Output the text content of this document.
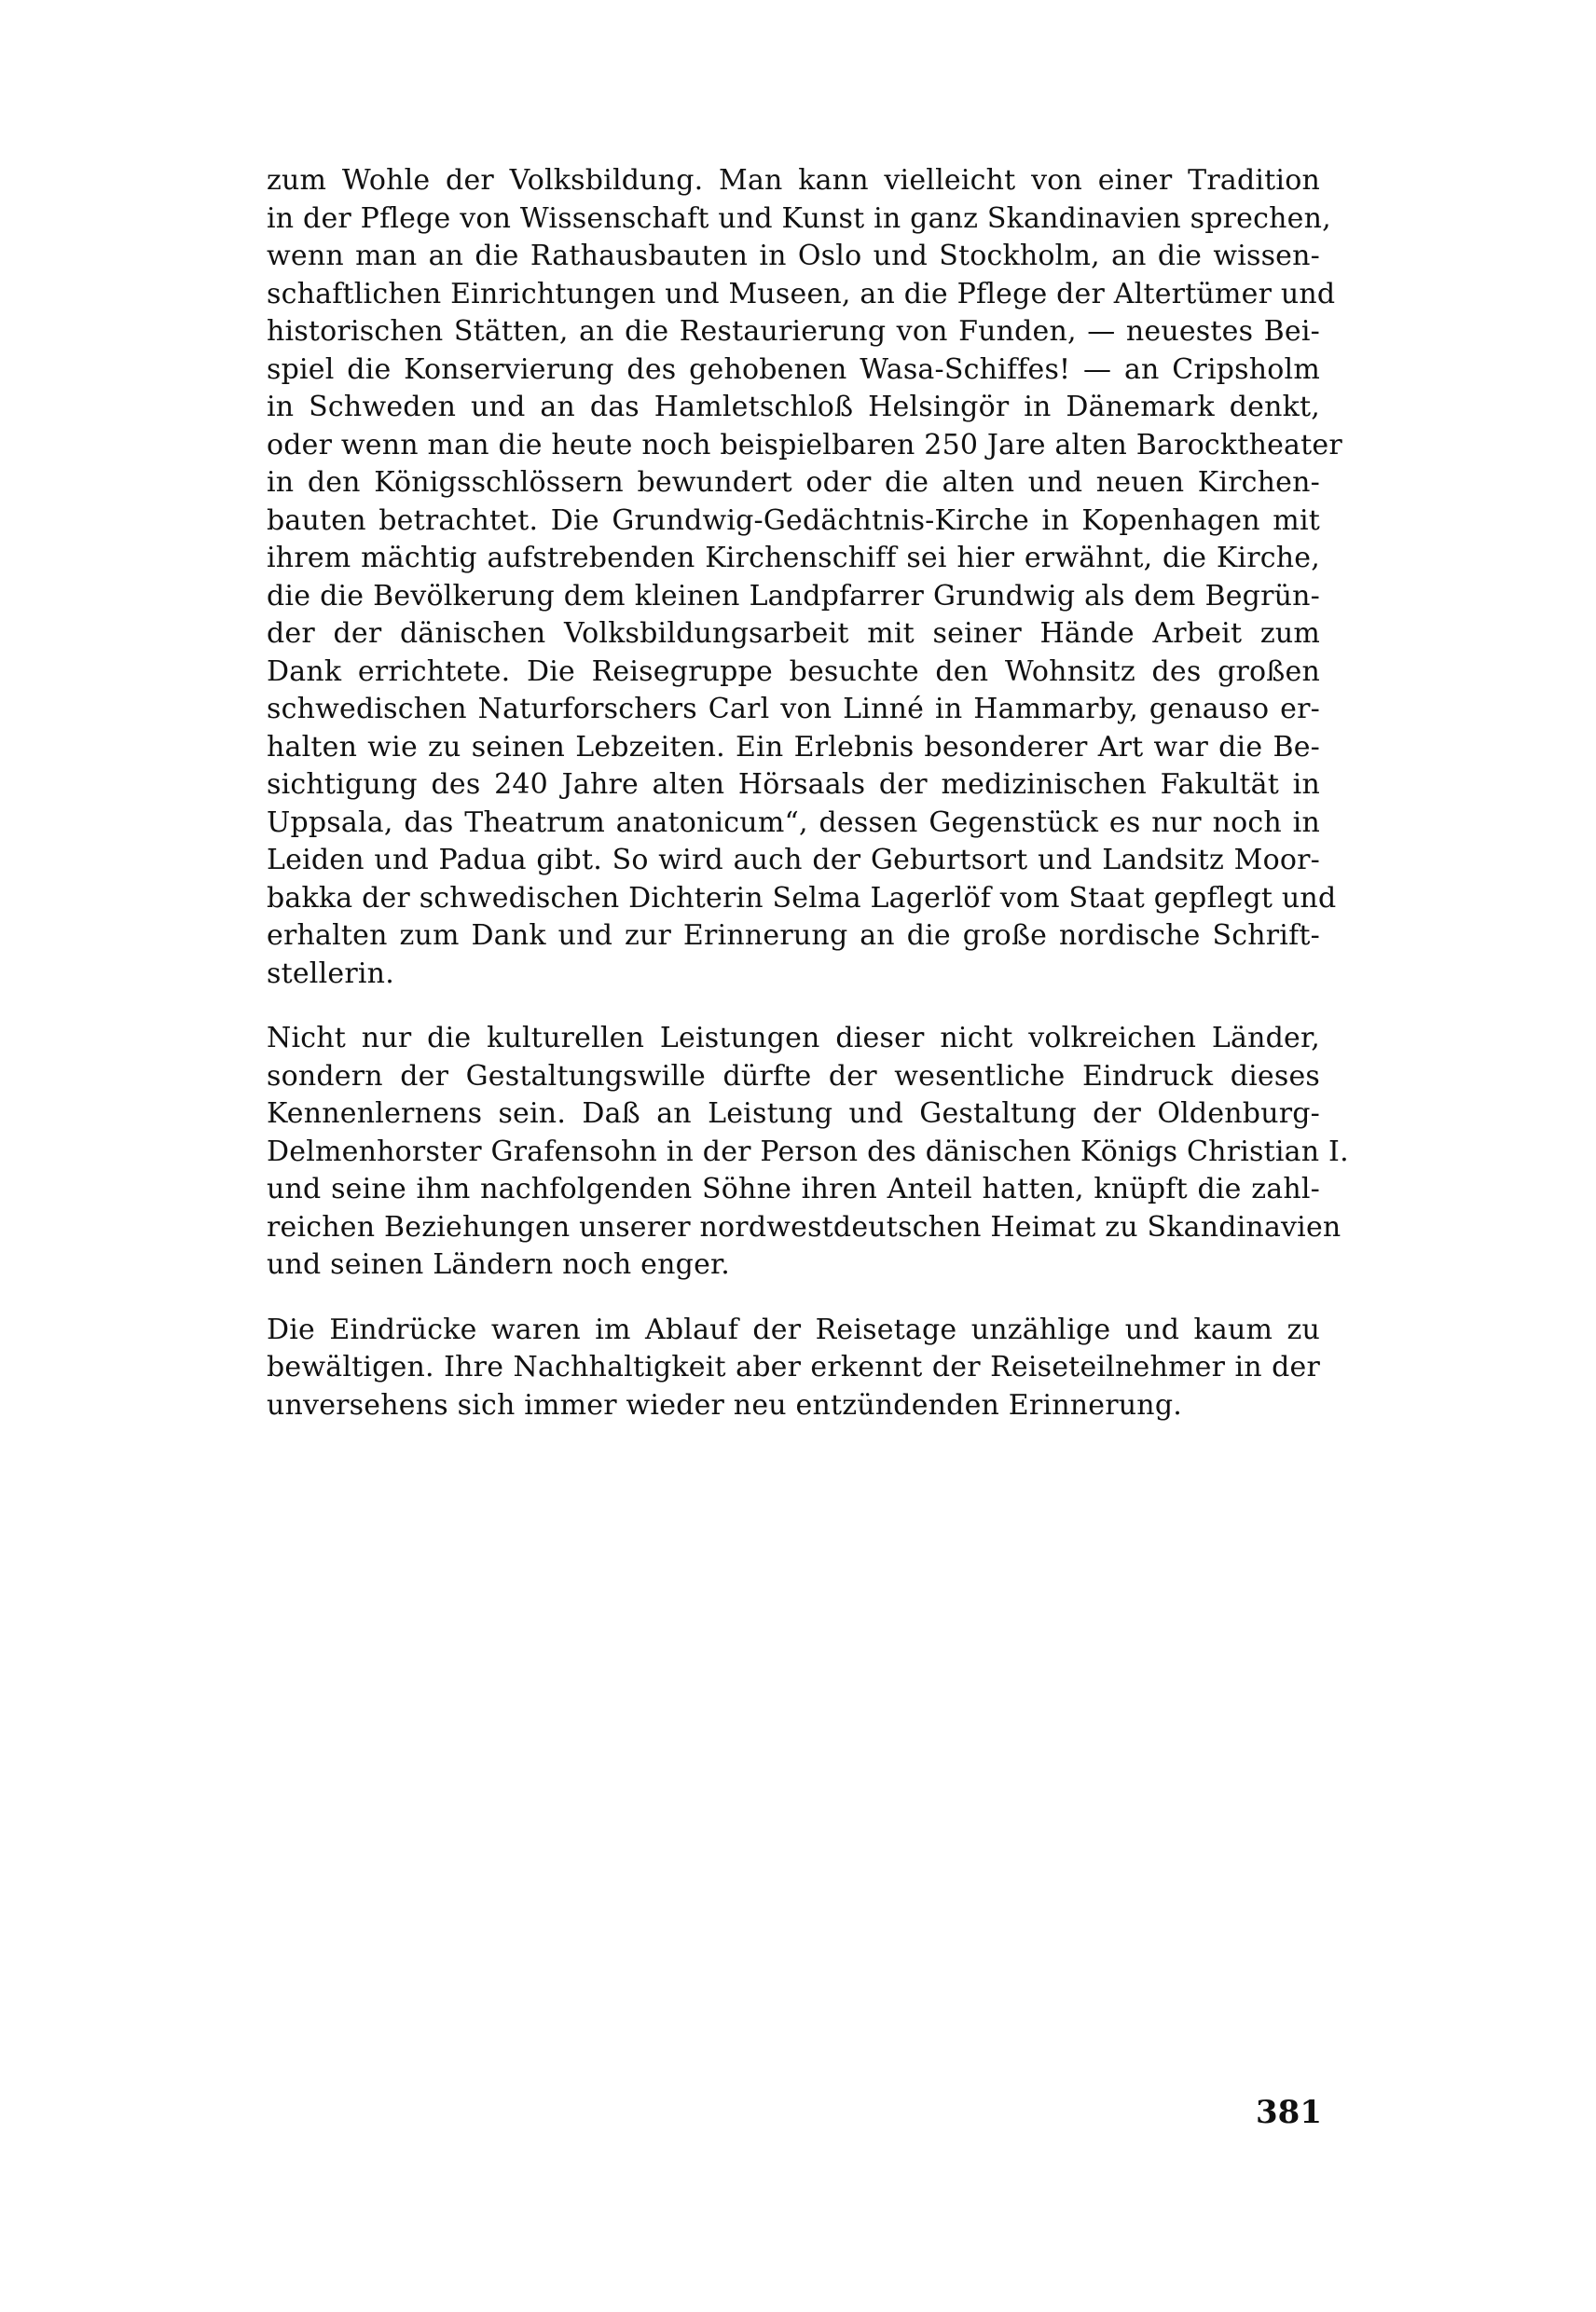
zum Wohle der Volksbildung. Man kann vielleicht von einer Tradition
in der Pflege von Wissenschaft und Kunst in ganz Skandinavien sprechen,
wenn man an die Rathausbauten in Oslo und Stockholm, an die wissen-
schaftlichen Einrichtungen und Museen, an die Pflege der Altertümer und
historischen Stätten, an die Restaurierung von Funden, — neuestes Bei-
spiel die Konservierung des gehobenen Wasa-Schiffes! — an Cripsholm
in Schweden und an das Hamletschloß Helsingör in Dänemark denkt,
oder wenn man die heute noch beispielbaren 250 Jare alten Barocktheater
in den Königsschlössern bewundert oder die alten und neuen Kirchen-
bauten betrachtet. Die Grundwig-Gedächtnis-Kirche in Kopenhagen mit
ihrem mächtig aufstrebenden Kirchenschiff sei hier erwähnt, die Kirche,
die die Bevölkerung dem kleinen Landpfarrer Grundwig als dem Begrün-
der der dänischen Volksbildungsarbeit mit seiner Hände Arbeit zum
Dank errichtete. Die Reisegruppe besuchte den Wohnsitz des großen
schwedischen Naturforschers Carl von Linné in Hammarby, genauso er-
halten wie zu seinen Lebzeiten. Ein Erlebnis besonderer Art war die Be-
sichtigung des 240 Jahre alten Hörsaals der medizinischen Fakultät in
Uppsala, das Theatrum anatonicum“, dessen Gegenstück es nur noch in
Leiden und Padua gibt. So wird auch der Geburtsort und Landsitz Moor-
bakka der schwedischen Dichterin Selma Lagerlöf vom Staat gepflegt und
erhalten zum Dank und zur Erinnerung an die große nordische Schrift-
stellerin.

Nicht nur die kulturellen Leistungen dieser nicht volkreichen Länder,
sondern der Gestaltungswille dürfte der wesentliche Eindruck dieses
Kennenlernens sein. Daß an Leistung und Gestaltung der Oldenburg-
Delmenhorster Grafensohn in der Person des dänischen Königs Christian I.
und seine ihm nachfolgenden Söhne ihren Anteil hatten, knüpft die zahl-
reichen Beziehungen unserer nordwestdeutschen Heimat zu Skandinavien
und seinen Ländern noch enger.

Die Eindrücke waren im Ablauf der Reisetage unzählige und kaum zu
bewältigen. Ihre Nachhaltigkeit aber erkennt der Reiseteilnehmer in der
unversehens sich immer wieder neu entzündenden Erinnerung.

381
